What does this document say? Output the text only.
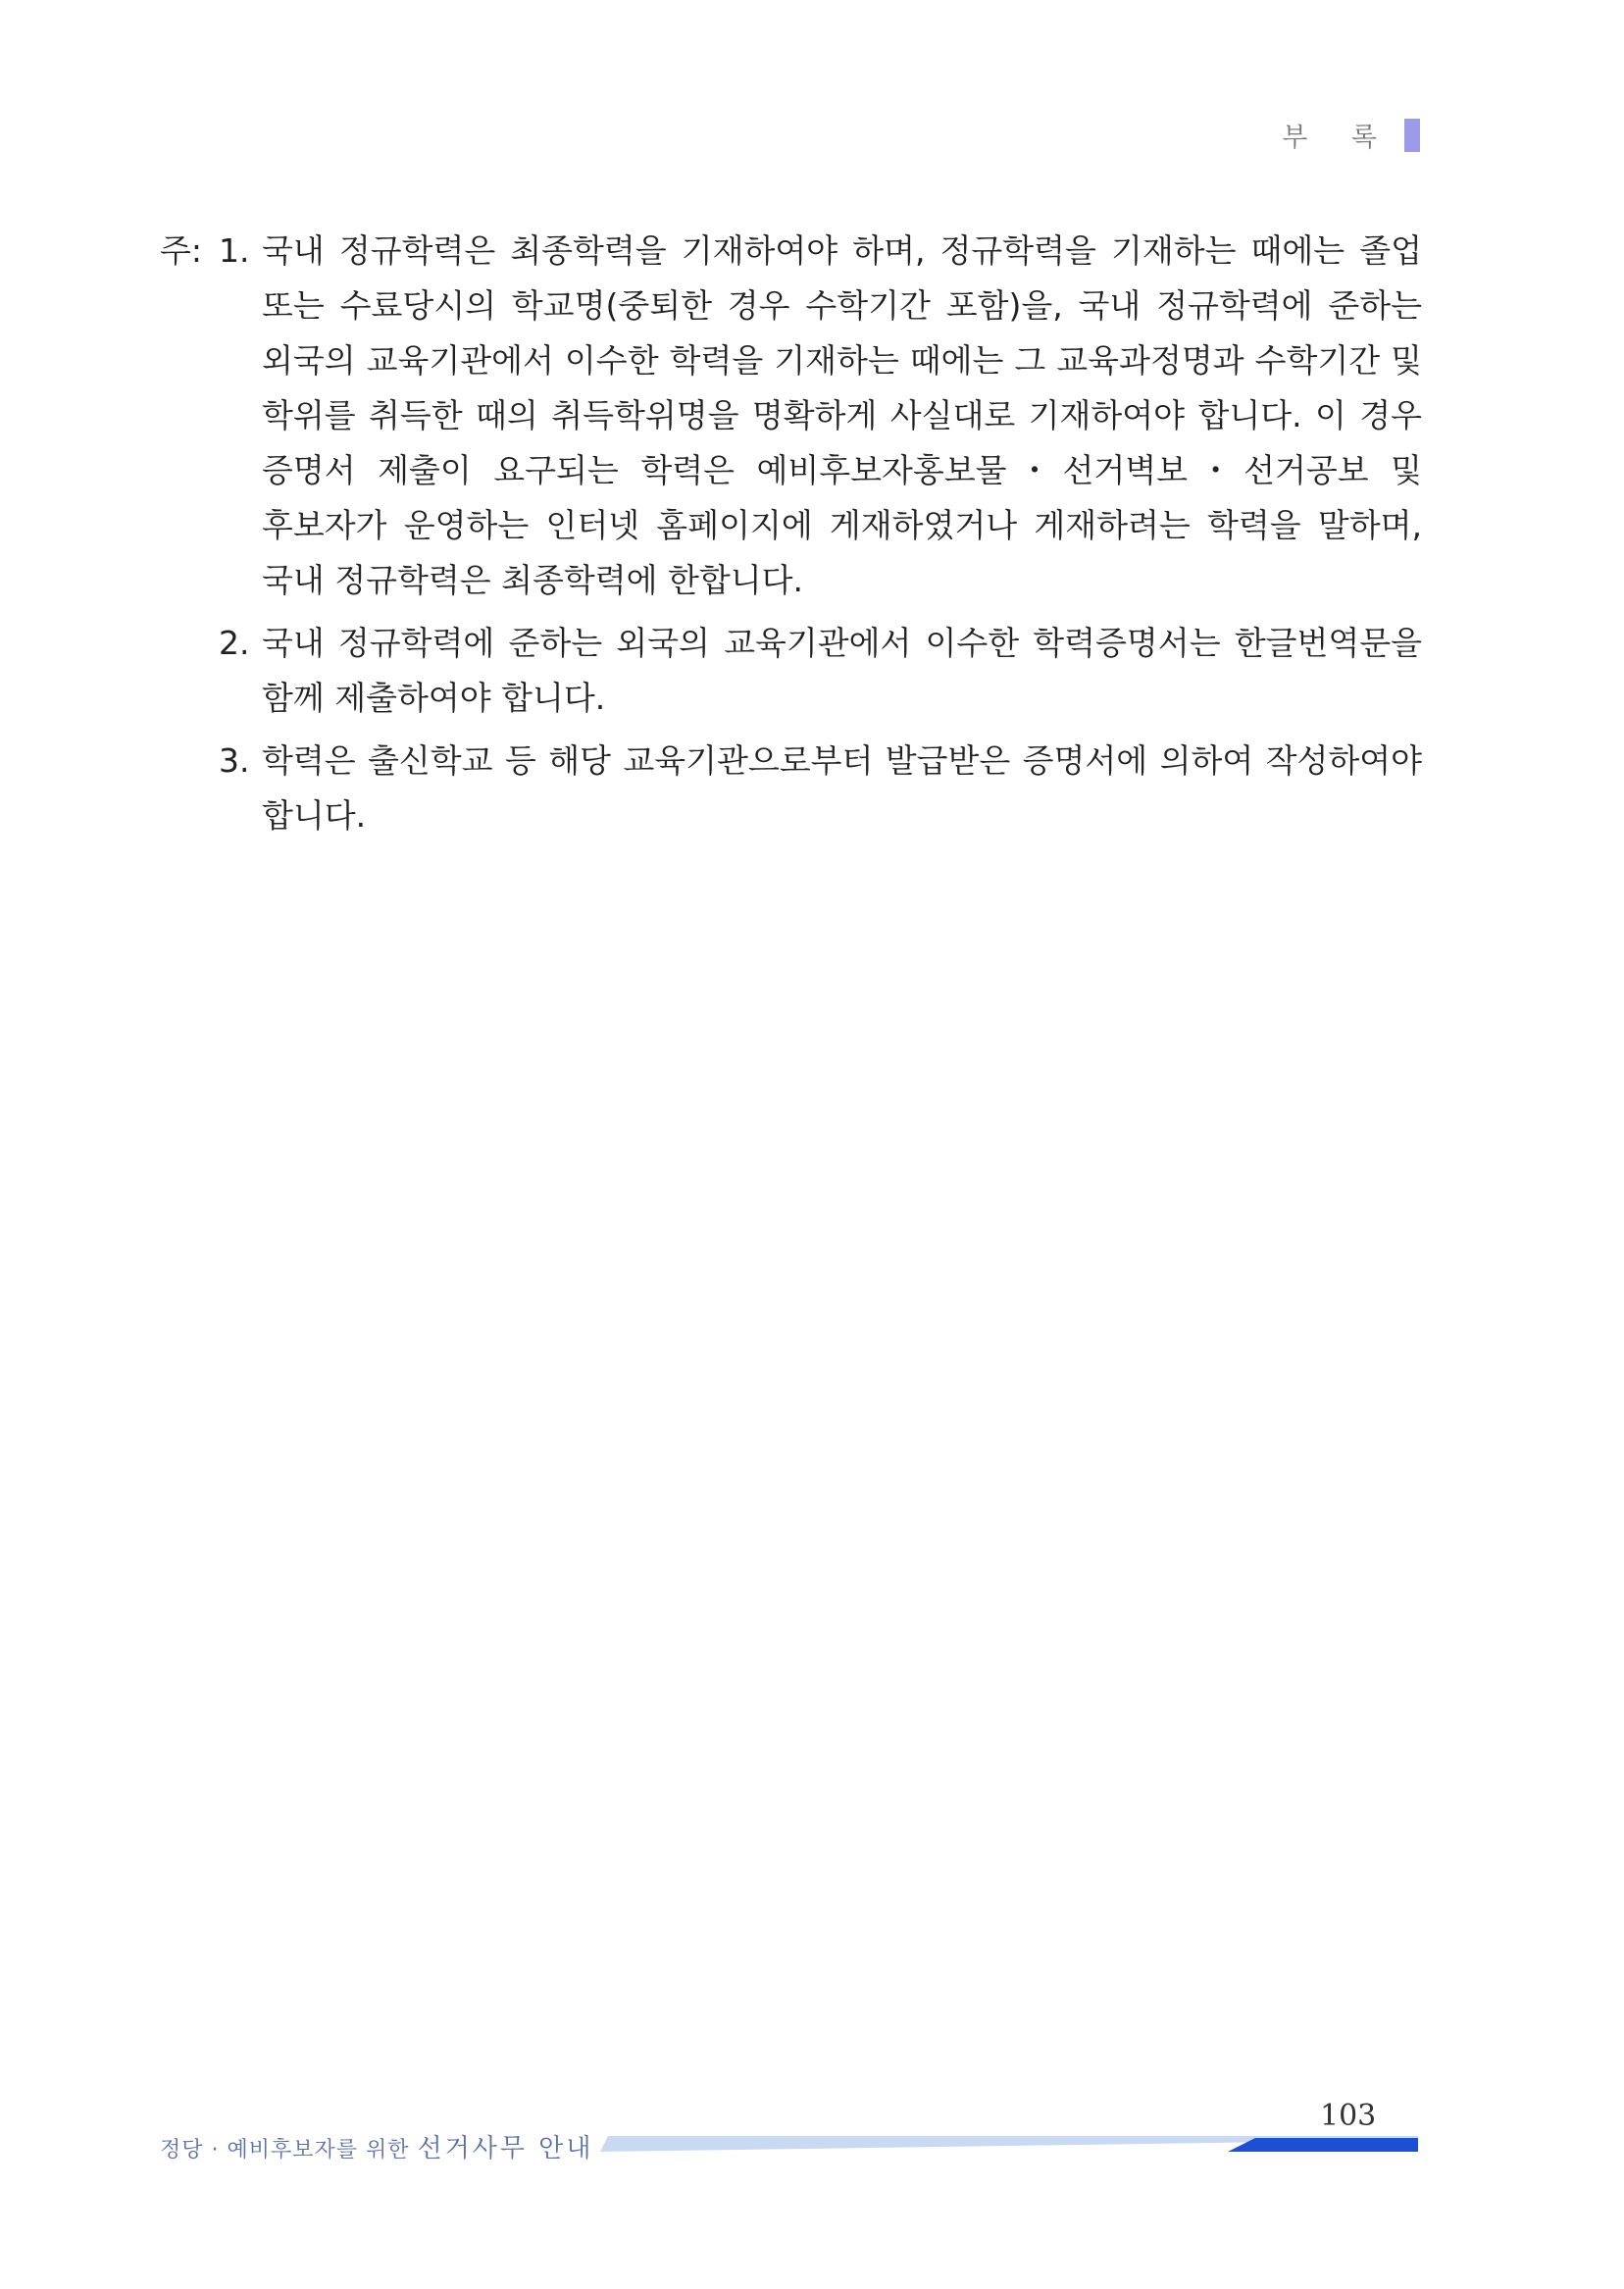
부 록
주: 1. 국내 정규학력은 최종학력을 기재하여야 하며, 정규학력을 기재하는 때에는 졸업 또는 수료당시의 학교명(중퇴한 경우 수학기간 포함)을, 국내 정규학력에 준하는 외국의 교육기관에서 이수한 학력을 기재하는 때에는 그 교육과정명과 수학기간 및 학위를 취득한 때의 취득학위명을 명확하게 사실대로 기재하여야 합니다. 이 경우 증명서 제출이 요구되는 학력은 예비후보자홍보물・선거벽보・선거공보 및 후보자가 운영하는 인터넷 홈페이지에 게재하였거나 게재하려는 학력을 말하며, 국내 정규학력은 최종학력에 한합니다.
2. 국내 정규학력에 준하는 외국의 교육기관에서 이수한 학력증명서는 한글번역문을 함께 제출하여야 합니다.
3. 학력은 출신학교 등 해당 교육기관으로부터 발급받은 증명서에 의하여 작성하여야 합니다.
103
정당 · 예비후보자를 위한 선거사무 안내
